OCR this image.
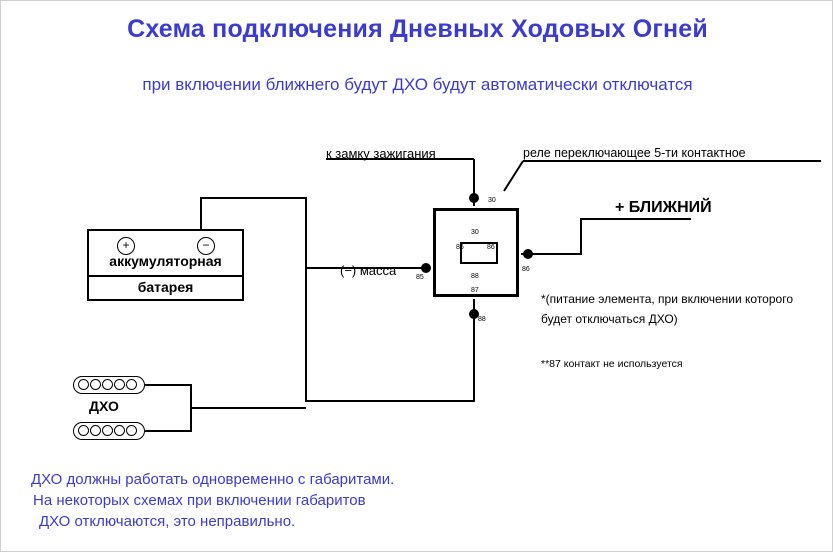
Схема подключения Дневных Ходовых Огней
при включении ближнего будут ДХО будут автоматически отключатся
+	−
аккумуляторная
батарея
30
85
86
88
30
85	86
88
87
ДХО
к замку зажигания	реле переключающее 5-ти контактное
(−) масса
+ БЛИЖНИЙ
*(питание элемента, при включении которого будет отключаться ДХО)
**87 контакт не используется
ДХО должны работать одновременно с габаритами.
На некоторых схемах при включении габаритов
ДХО отключаются, это неправильно.
